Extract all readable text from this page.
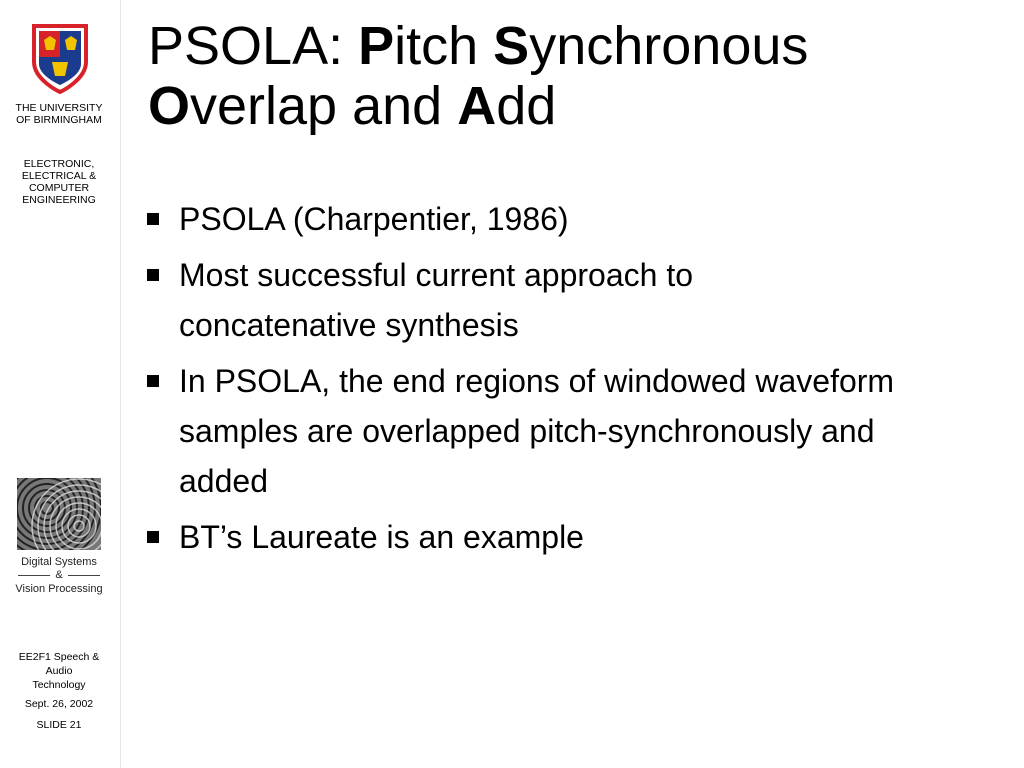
THE UNIVERSITY
OF BIRMINGHAM
ELECTRONIC,
ELECTRICAL &
COMPUTER
ENGINEERING
Digital Systems
&
Vision Processing
EE2F1 Speech &
Audio
Technology
Sept. 26, 2002
SLIDE 21
PSOLA: Pitch Synchronous
Overlap and Add
PSOLA (Charpentier, 1986)
Most successful current approach to concatenative synthesis
In PSOLA, the end regions of windowed waveform samples are overlapped pitch-synchronously and added
BT’s Laureate is an example
